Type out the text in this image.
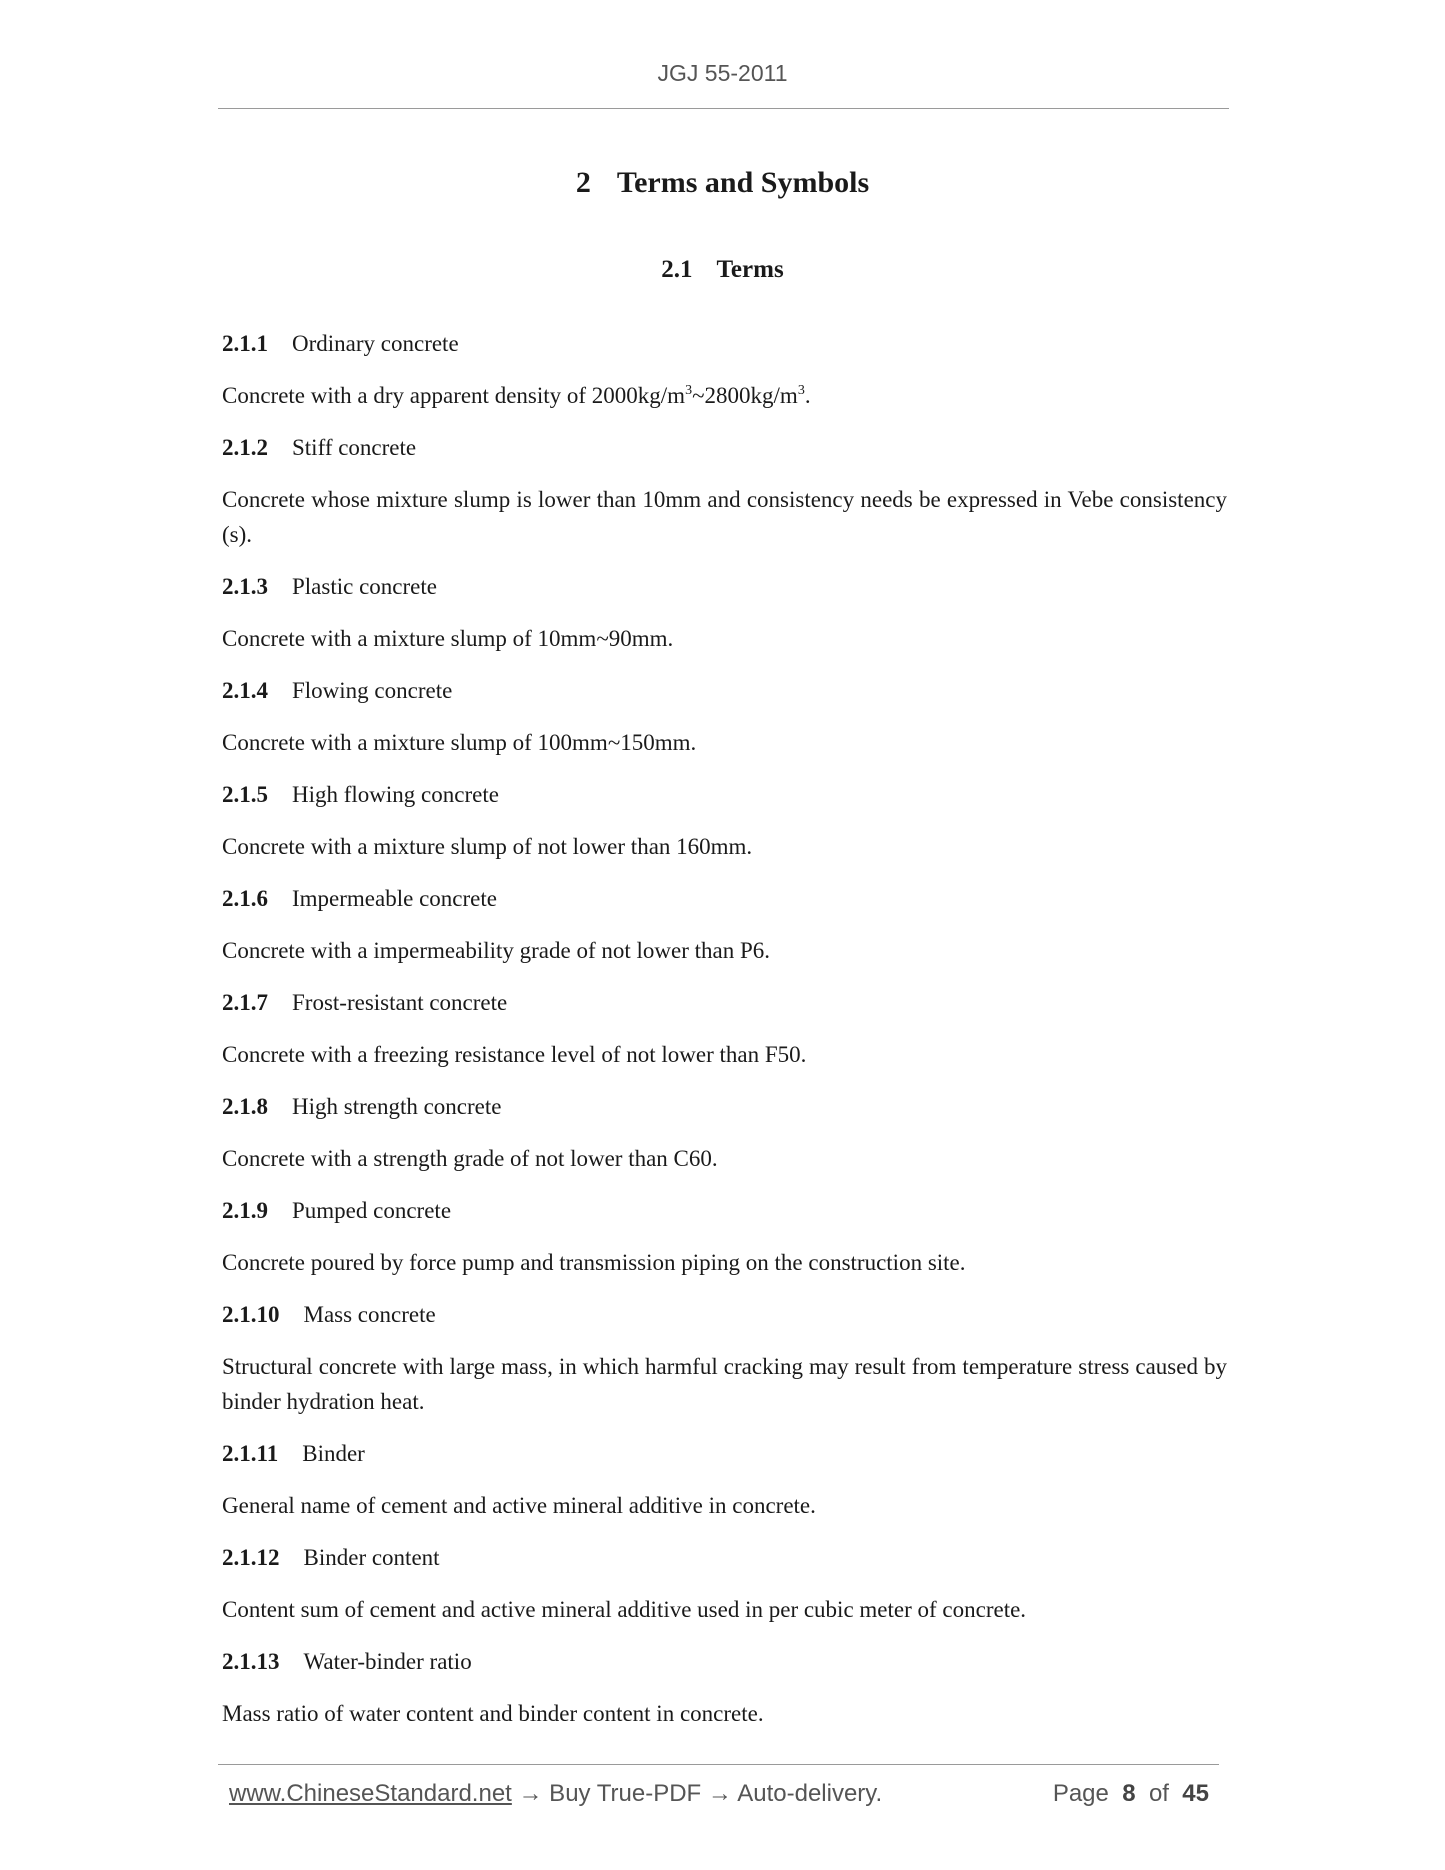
JGJ 55-2011
2 Terms and Symbols
2.1 Terms

2.1.1 Ordinary concrete

Concrete with a dry apparent density of $2000kg/m^3\sim 2800kg/m^3$.

2.1.2 Stiff concrete

Concrete whose mixture slump is lower than 10mm and consistency needs be expressed in Vebe consistency (s).

2.1.3 Plastic concrete

Concrete with a mixture slump of 10mm~90mm.

2.1.4 Flowing concrete

Concrete with a mixture slump of 100mm~150mm.

2.1.5 High flowing concrete

Concrete with a mixture slump of not lower than 160mm.

2.1.6 Impermeable concrete

Concrete with a impermeability grade of not lower than P6.

2.1.7 Frost-resistant concrete

Concrete with a freezing resistance level of not lower than F50.

2.1.8 High strength concrete

Concrete with a strength grade of not lower than C60.

2.1.9 Pumped concrete

Concrete poured by force pump and transmission piping on the construction site.

2.1.10 Mass concrete

Structural concrete with large mass, in which harmful cracking may result from temperature stress caused by binder hydration heat.

2.1.11 Binder

General name of cement and active mineral additive in concrete.

2.1.12 Binder content

Content sum of cement and active mineral additive used in per cubic meter of concrete.

2.1.13 Water-binder ratio

Mass ratio of water content and binder content in concrete.

www.ChineseStandard.net → Buy True-PDF → Auto-delivery.	Page 8 of 45
